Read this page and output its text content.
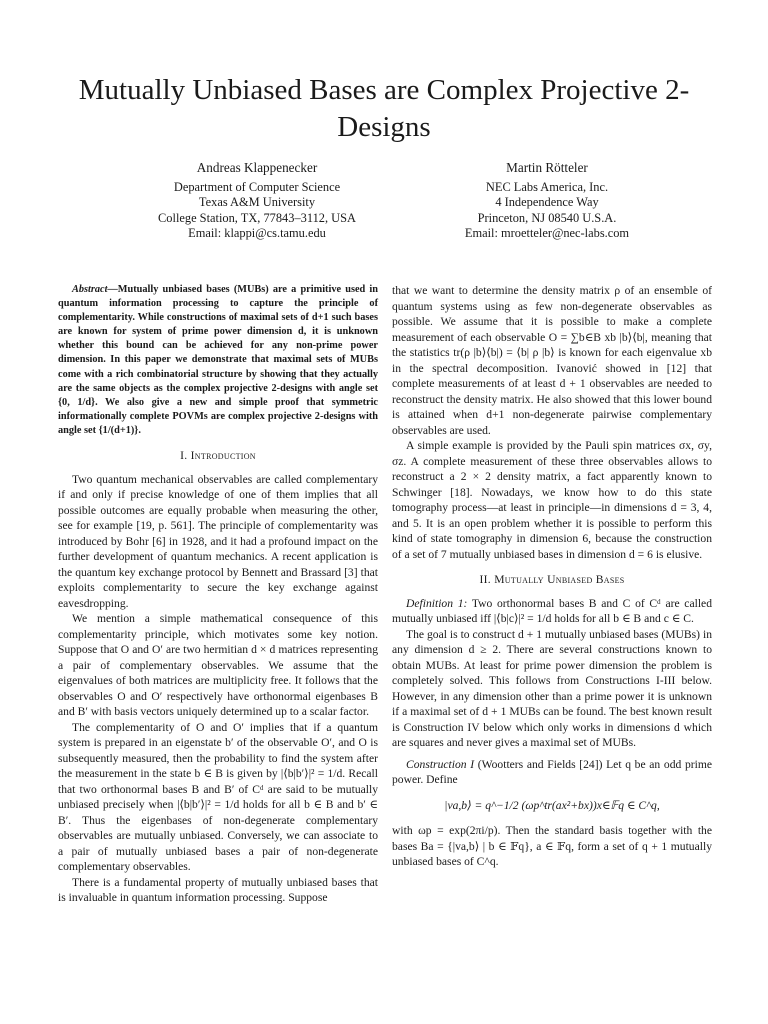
Mutually Unbiased Bases are Complex Projective 2-Designs
Andreas Klappenecker
Department of Computer Science
Texas A&M University
College Station, TX, 77843–3112, USA
Email: klappi@cs.tamu.edu
Martin Rötteler
NEC Labs America, Inc.
4 Independence Way
Princeton, NJ 08540 U.S.A.
Email: mroetteler@nec-labs.com

Abstract—Mutually unbiased bases (MUBs) are a primitive used in quantum information processing to capture the principle of complementarity. While constructions of maximal sets of d+1 such bases are known for system of prime power dimension d, it is unknown whether this bound can be achieved for any non-prime power dimension. In this paper we demonstrate that maximal sets of MUBs come with a rich combinatorial structure by showing that they actually are the same objects as the complex projective 2-designs with angle set {0, 1/d}. We also give a new and simple proof that symmetric informationally complete POVMs are complex projective 2-designs with angle set {1/(d+1)}.

I. Introduction

Two quantum mechanical observables are called complementary if and only if precise knowledge of one of them implies that all possible outcomes are equally probable when measuring the other, see for example [19, p. 561]. The principle of complementarity was introduced by Bohr [6] in 1928, and it had a profound impact on the further development of quantum mechanics. A recent application is the quantum key exchange protocol by Bennett and Brassard [3] that exploits complementarity to secure the key exchange against eavesdropping.

We mention a simple mathematical consequence of this complementarity principle, which motivates some key notion. Suppose that O and O′ are two hermitian d × d matrices representing a pair of complementary observables. We assume that the eigenvalues of both matrices are multiplicity free. It follows that the observables O and O′ respectively have orthonormal eigenbases B and B′ with basis vectors uniquely determined up to a scalar factor.

The complementarity of O and O′ implies that if a quantum system is prepared in an eigenstate b′ of the observable O′, and O is subsequently measured, then the probability to find the system after the measurement in the state b ∈ B is given by |⟨b|b′⟩|² = 1/d. Recall that two orthonormal bases B and B′ of Cᵈ are said to be mutually unbiased precisely when |⟨b|b′⟩|² = 1/d holds for all b ∈ B and b′ ∈ B′. Thus the eigenbases of non-degenerate complementary observables are mutually unbiased. Conversely, we can associate to a pair of mutually unbiased bases a pair of non-degenerate complementary observables.

There is a fundamental property of mutually unbiased bases that is invaluable in quantum information processing. Suppose

that we want to determine the density matrix ρ of an ensemble of quantum systems using as few non-degenerate observables as possible. We assume that it is possible to make a complete measurement of each observable O = ∑b∈B xb |b⟩⟨b|, meaning that the statistics tr(ρ |b⟩⟨b|) = ⟨b| ρ |b⟩ is known for each eigenvalue xb in the spectral decomposition. Ivanović showed in [12] that complete measurements of at least d + 1 observables are needed to reconstruct the density matrix. He also showed that this lower bound is attained when d+1 non-degenerate pairwise complementary observables are used.

A simple example is provided by the Pauli spin matrices σx, σy, σz. A complete measurement of these three observables allows to reconstruct a 2 × 2 density matrix, a fact apparently known to Schwinger [18]. Nowadays, we know how to do this state tomography process—at least in principle—in dimensions d = 3, 4, and 5. It is an open problem whether it is possible to perform this kind of state tomography in dimension 6, because the construction of a set of 7 mutually unbiased bases in dimension d = 6 is elusive.

II. Mutually Unbiased Bases

Definition 1: Two orthonormal bases B and C of Cᵈ are called mutually unbiased iff |⟨b|c⟩|² = 1/d holds for all b ∈ B and c ∈ C.

The goal is to construct d + 1 mutually unbiased bases (MUBs) in any dimension d ≥ 2. There are several constructions known to obtain MUBs. At least for prime power dimension the problem is completely solved. This follows from Constructions I-III below. However, in any dimension other than a prime power it is unknown if a maximal set of d + 1 MUBs can be found. The best known result is Construction IV below which only works in dimensions d which are squares and never gives a maximal set of MUBs.

Construction I (Wootters and Fields [24]) Let q be an odd prime power. Define

|va,b⟩ = q^−1/2 (ωp^tr(ax²+bx))x∈𝔽q ∈ C^q,

with ωp = exp(2πi/p). Then the standard basis together with the bases Ba = {|va,b⟩ | b ∈ 𝔽q}, a ∈ 𝔽q, form a set of q + 1 mutually unbiased bases of C^q.
